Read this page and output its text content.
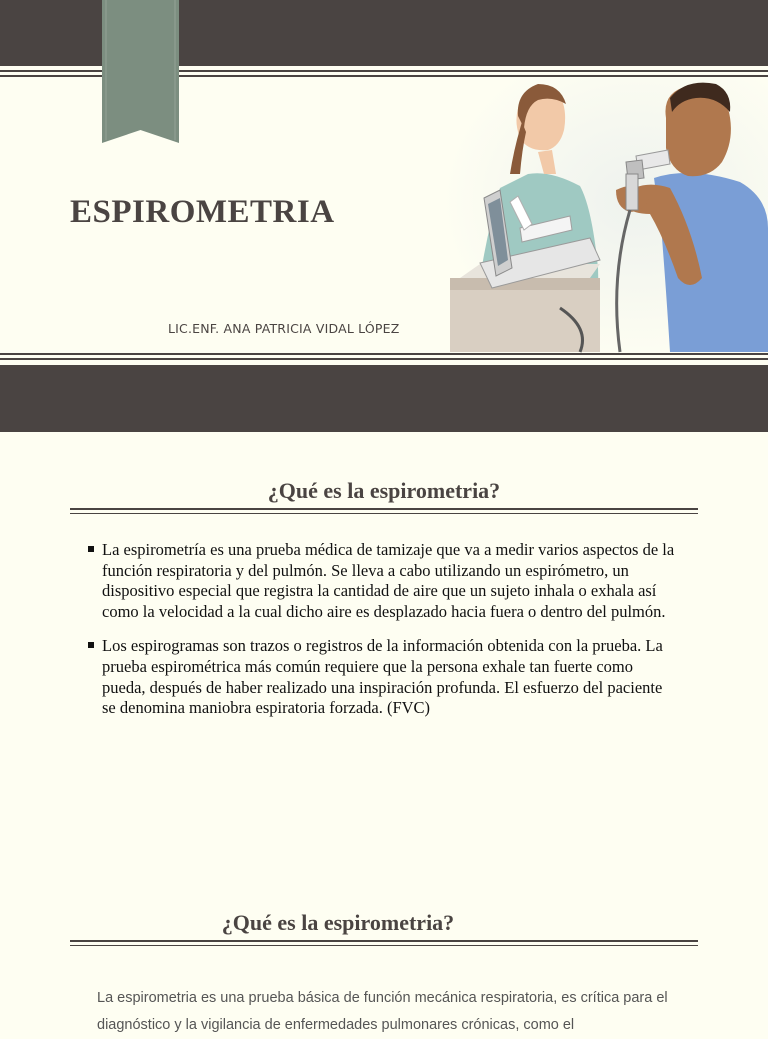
ESPIROMETRIA
LIC.ENF. ANA PATRICIA VIDAL LÓPEZ
¿Qué es la espirometria?
La espirometría es una prueba médica de tamizaje que va a medir varios aspectos de la función respiratoria y del pulmón. Se lleva a cabo utilizando un espirómetro, un dispositivo especial que registra la cantidad de aire que un sujeto inhala o exhala así como la velocidad a la cual dicho aire es desplazado hacia fuera o dentro del pulmón.
Los espirogramas son trazos o registros de la información obtenida con la prueba. La prueba espirométrica más común requiere que la persona exhale tan fuerte como pueda, después de haber realizado una inspiración profunda. El esfuerzo del paciente se denomina maniobra espiratoria forzada. (FVC)
¿Qué es la espirometria?

La espirometria es una prueba básica de función mecánica respiratoria, es crítica para el diagnóstico y la vigilancia de enfermedades pulmonares crónicas, como el
